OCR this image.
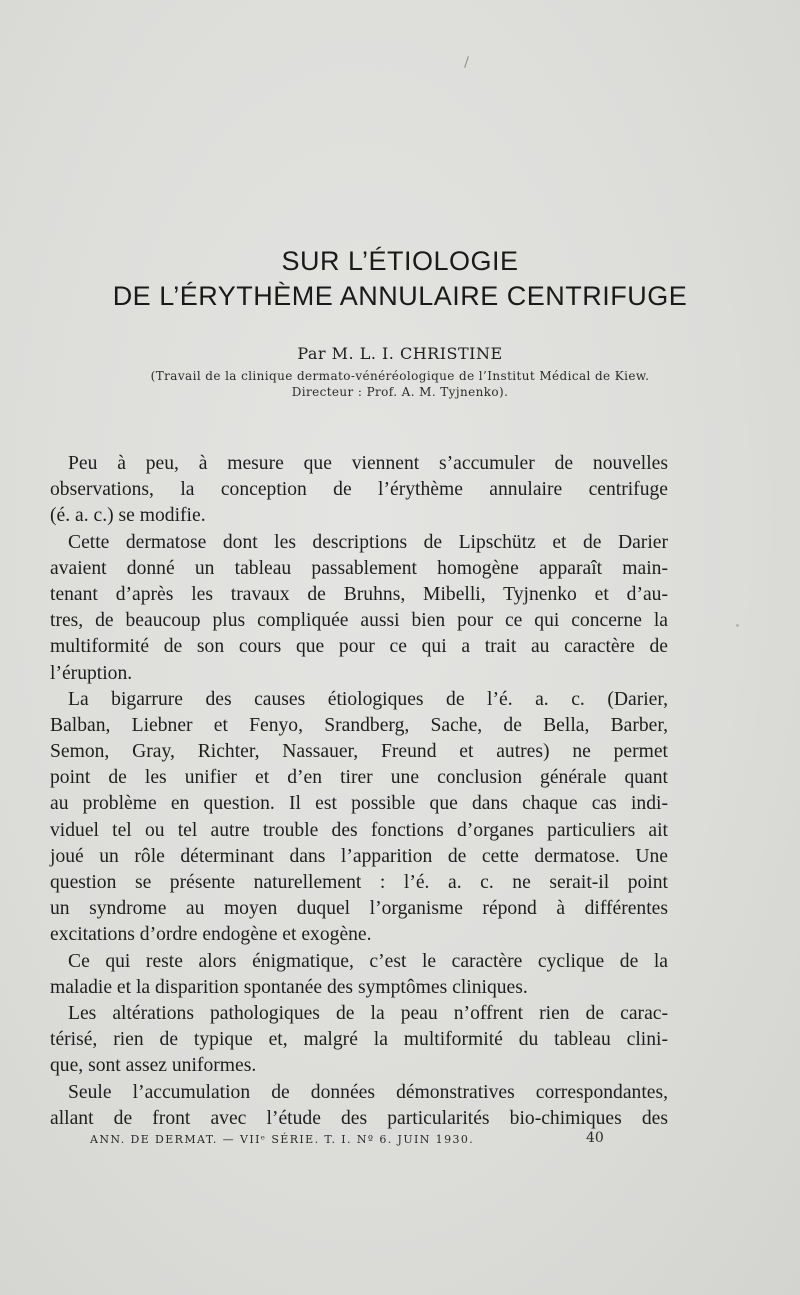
SUR L’ÉTIOLOGIE
DE L’ÉRYTHÈME ANNULAIRE CENTRIFUGE
Par M. L. I. CHRISTINE
(Travail de la clinique dermato-vénéréologique de l’Institut Médical de Kiew.
Directeur : Prof. A. M. Tyjnenko).
Peu à peu, à mesure que viennent s’accumuler de nouvelles
observations, la conception de l’érythème annulaire centrifuge
(é. a. c.) se modifie.
Cette dermatose dont les descriptions de Lipschütz et de Darier
avaient donné un tableau passablement homogène apparaît main-
tenant d’après les travaux de Bruhns, Mibelli, Tyjnenko et d’au-
tres, de beaucoup plus compliquée aussi bien pour ce qui concerne la
multiformité de son cours que pour ce qui a trait au caractère de
l’éruption.
La bigarrure des causes étiologiques de l’é. a. c. (Darier,
Balban, Liebner et Fenyo, Srandberg, Sache, de Bella, Barber,
Semon, Gray, Richter, Nassauer, Freund et autres) ne permet
point de les unifier et d’en tirer une conclusion générale quant
au problème en question. Il est possible que dans chaque cas indi-
viduel tel ou tel autre trouble des fonctions d’organes particuliers ait
joué un rôle déterminant dans l’apparition de cette dermatose. Une
question se présente naturellement : l’é. a. c. ne serait-il point
un syndrome au moyen duquel l’organisme répond à différentes
excitations d’ordre endogène et exogène.
Ce qui reste alors énigmatique, c’est le caractère cyclique de la
maladie et la disparition spontanée des symptômes cliniques.
Les altérations pathologiques de la peau n’offrent rien de carac-
térisé, rien de typique et, malgré la multiformité du tableau clini-
que, sont assez uniformes.
Seule l’accumulation de données démonstratives correspondantes,
allant de front avec l’étude des particularités bio-chimiques des
ANN. DE DERMAT. — VIIᵉ SÉRIE. T. I. Nº 6. JUIN 1930.	40
